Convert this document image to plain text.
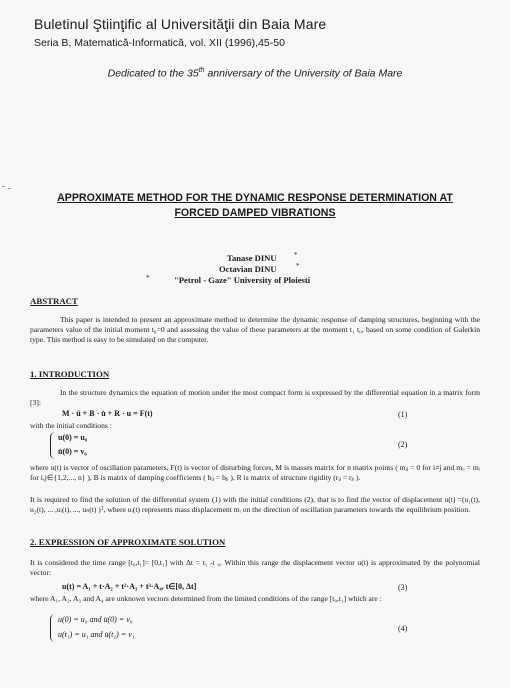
Buletinul Ştiinţific al Universităţii din Baia Mare
Seria B, Matematică-Informatică, vol. XII (1996),45-50
Dedicated to the 35th anniversary of the University of Baia Mare
APPROXIMATE METHOD FOR THE DYNAMIC RESPONSE DETERMINATION AT
FORCED DAMPED VIBRATIONS
Tanase DINU *
Octavian DINU	*
*	"Petrol - Gaze" University of Ploiesti
ABSTRACT
This paper is intended to present an approximate method to determine the dynamic response of damping structures, beginning with the parameters value of the initial moment t₀=0 and assessing the value of these parameters at the moment t₁ t₀, based on some condition of Galerkin type. This method is easy to be simulated on the computer.
1. INTRODUCTION
In the structure dynamics the equation of motion under the most compact form is expressed by the differential equation in a matrix form [3]:
M · ü + B · u̇ + R · u = F(t)	(1)
with the initial conditions :
u(0) = u₀
u̇(0) = v₀
(2)
where u(t) is vector of oscillation parameters, F(t) is vector of disturbing forces, M is masses matrix for n matrix points ( mᵢⱼ = 0 for i≠j and mᵢᵢ = mᵢ for i,j∈{1,2,..., n} ), B is matrix of damping coefficients ( bᵢⱼ = bⱼᵢ ), R is matrix of structure rigidity (rᵢⱼ = rⱼᵢ ).
It is required to find the solution of the differential system (1) with the initial conditions (2), that is to find the vector of displacement u(t) =(u₁(t), u₂(t), ... ,uᵢ(t), ..., uₙ(t) )ᵀ, where uᵢ(t) represents mass displacement mᵢ on the direction of oscillation parameters towards the equilibrium position.
2. EXPRESSION OF APPROXIMATE SOLUTION
It is considered the time range [t₀,t₁]= [0,t₁] with Δt = t₁ -t ₀. Within this range the displacement vector u(t) is approximated by the polynomial vector:
u(t) = A₁ + t·A₂ + t²·A₃ + t³·A₄, t∈[0, Δt]	(3)
where A₁, A₂, A₃ and A₄ are unknown vectors determined from the limited conditions of the range [t₀,t₁] which are :
u(0) = u₀ and u̇(0) = v₀
u(t₁) = u₁ and u̇(t₁) = v₁
(4)
